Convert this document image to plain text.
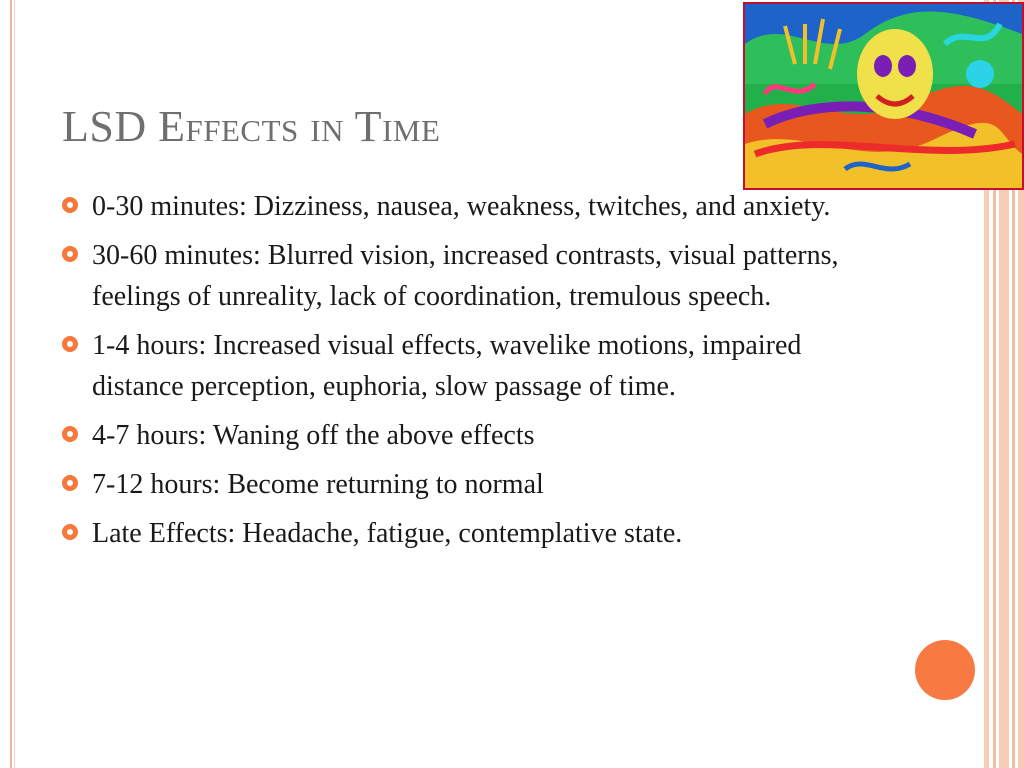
LSD Effects in Time
0-30 minutes: Dizziness, nausea, weakness, twitches, and anxiety.
30-60 minutes: Blurred vision, increased contrasts, visual patterns, feelings of unreality, lack of coordination, tremulous speech.
1-4 hours: Increased visual effects, wavelike motions, impaired distance perception, euphoria, slow passage of time.
4-7 hours: Waning off the above effects
7-12 hours: Become returning to normal
Late Effects: Headache, fatigue, contemplative state.
